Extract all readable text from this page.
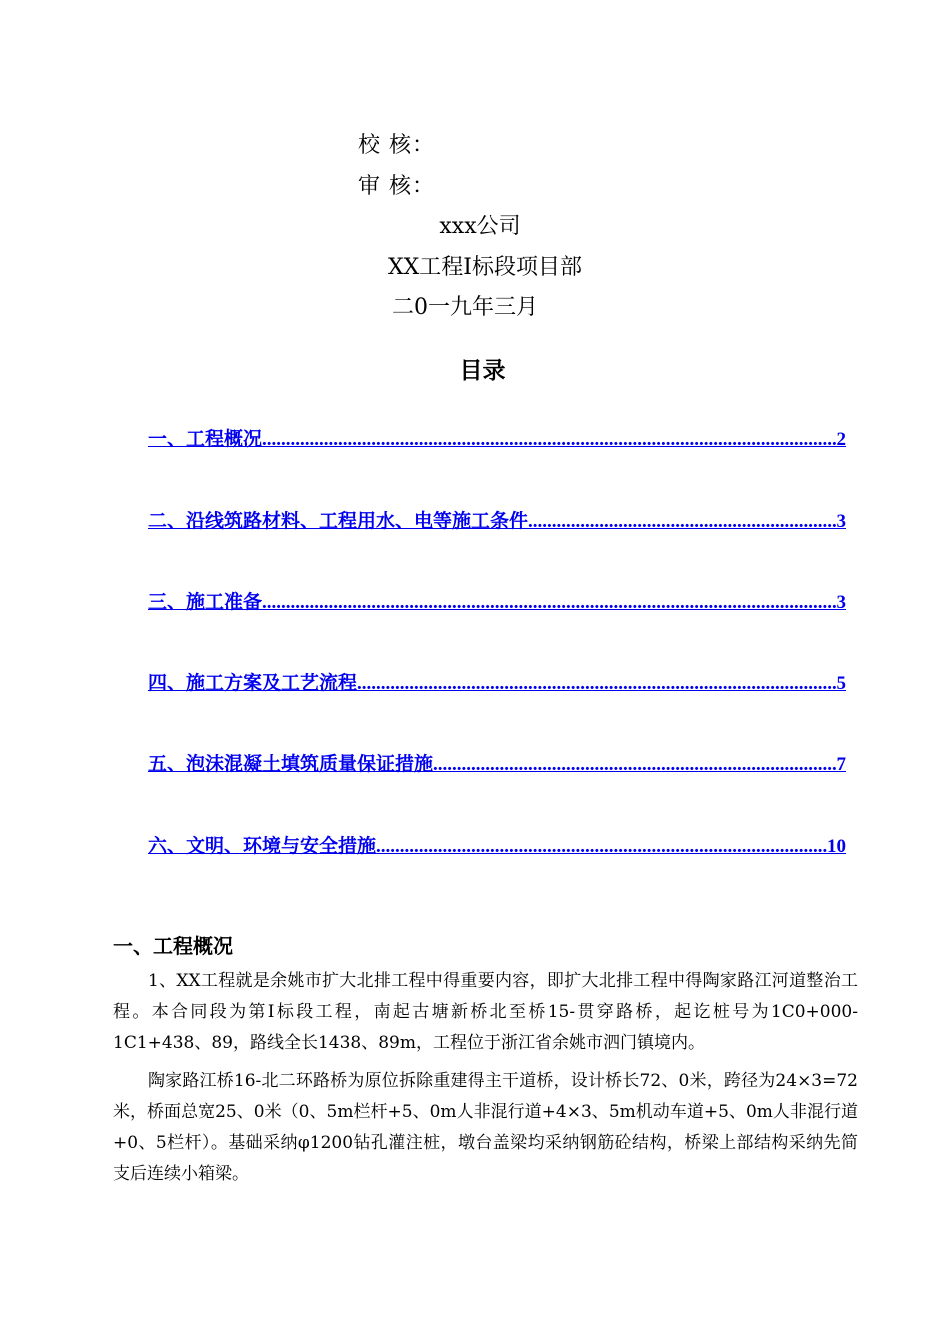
校 核：
审 核：
xxx公司
XX工程Ⅰ标段项目部
二0一九年三月
目录
一、工程概况 .....	2
二、沿线筑路材料、工程用水、电等施工条件 .....	3
三、施工准备 .....	3
四、施工方案及工艺流程 .....	5
五、泡沫混凝土填筑质量保证措施 .....	7
六、文明、环境与安全措施 .....	10
一、工程概况
1、XX工程就是余姚市扩大北排工程中得重要内容，即扩大北排工程中得陶家路江河道整治工程。本合同段为第Ⅰ标段工程，南起古塘新桥北至桥15-贯穿路桥，起讫桩号为1C0+000-1C1+438、89，路线全长1438、89m，工程位于浙江省余姚市泗门镇境内。
陶家路江桥16-北二环路桥为原位拆除重建得主干道桥，设计桥长72、0米，跨径为24×3=72米，桥面总宽25、0米（0、5m栏杆+5、0m人非混行道+4×3、5m机动车道+5、0m人非混行道+0、5栏杆）。基础采纳φ1200钻孔灌注桩，墩台盖梁均采纳钢筋砼结构，桥梁上部结构采纳先简支后连续小箱梁。
